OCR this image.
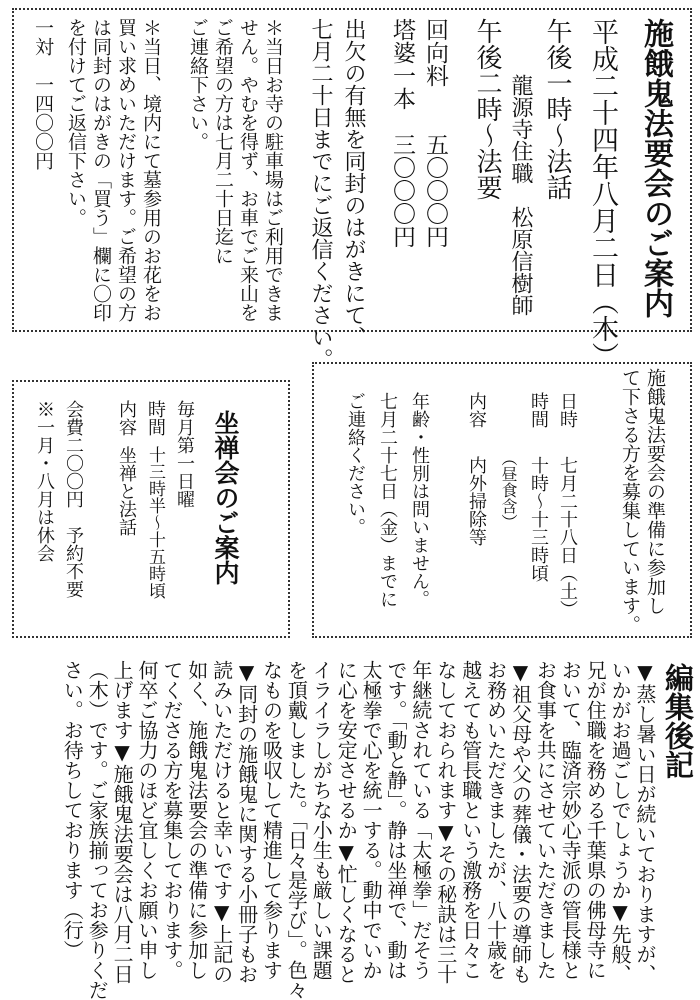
施餓鬼法要会のご案内
平成二十四年八月二日（木）
午後一時～法話
龍源寺住職　松原信樹師
午後二時～法要
回向料　　五〇〇〇円
塔婆一本　三〇〇〇円
出欠の有無を同封のはがきにて、
七月二十日までにご返信ください。
＊当日お寺の駐車場はご利用できま
せん。やむを得ず、お車でご来山を
ご希望の方は七月二十日迄に
ご連絡下さい。
＊当日、境内にて墓参用のお花をお
買い求めいただけます。ご希望の方
は同封のはがきの「買う」欄に〇印
を付けてご返信下さい。
一対　一四〇〇円
施餓鬼法要会の準備に参加し
て下さる方を募集しています。
日時
七月二十八日（土）
時間
十時～十三時頃
（昼食含）
内容
内外掃除等
年齢・性別は問いません。
七月二十七日（金）までに
ご連絡ください。
坐禅会のご案内
毎月第一日曜
時間
十三時半～十五時頃
内容
坐禅と法話
会費二〇〇円　予約不要
※一月・八月は休会
編集後記
▼蒸し暑い日が続いておりますが、
いかがお過ごしでしょうか▼先般、
兄が住職を務める千葉県の佛母寺に
おいて、臨済宗妙心寺派の管長様と
お食事を共にさせていただきました
▼祖父母や父の葬儀・法要の導師も
お務めいただきましたが、八十歳を
越えても管長職という激務を日々こ
なしておられます▼その秘訣は三十
年継続されている「太極拳」だそう
です。「動と静」。静は坐禅で、動は
太極拳で心を統一する。動中でいか
に心を安定させるか▼忙しくなると
イライラしがちな小生も厳しい課題
を頂戴しました。「日々是学び」。色々
なものを吸収して精進して参ります
▼同封の施餓鬼に関する小冊子もお
読みいただけると幸いです▼上記の
如く、施餓鬼法要会の準備に参加し
てくださる方を募集しております。
何卒ご協力のほど宜しくお願い申し
上げます▼施餓鬼法要会は八月二日
（木）です。ご家族揃ってお参りくだ
さい。お待ちしております（行）
